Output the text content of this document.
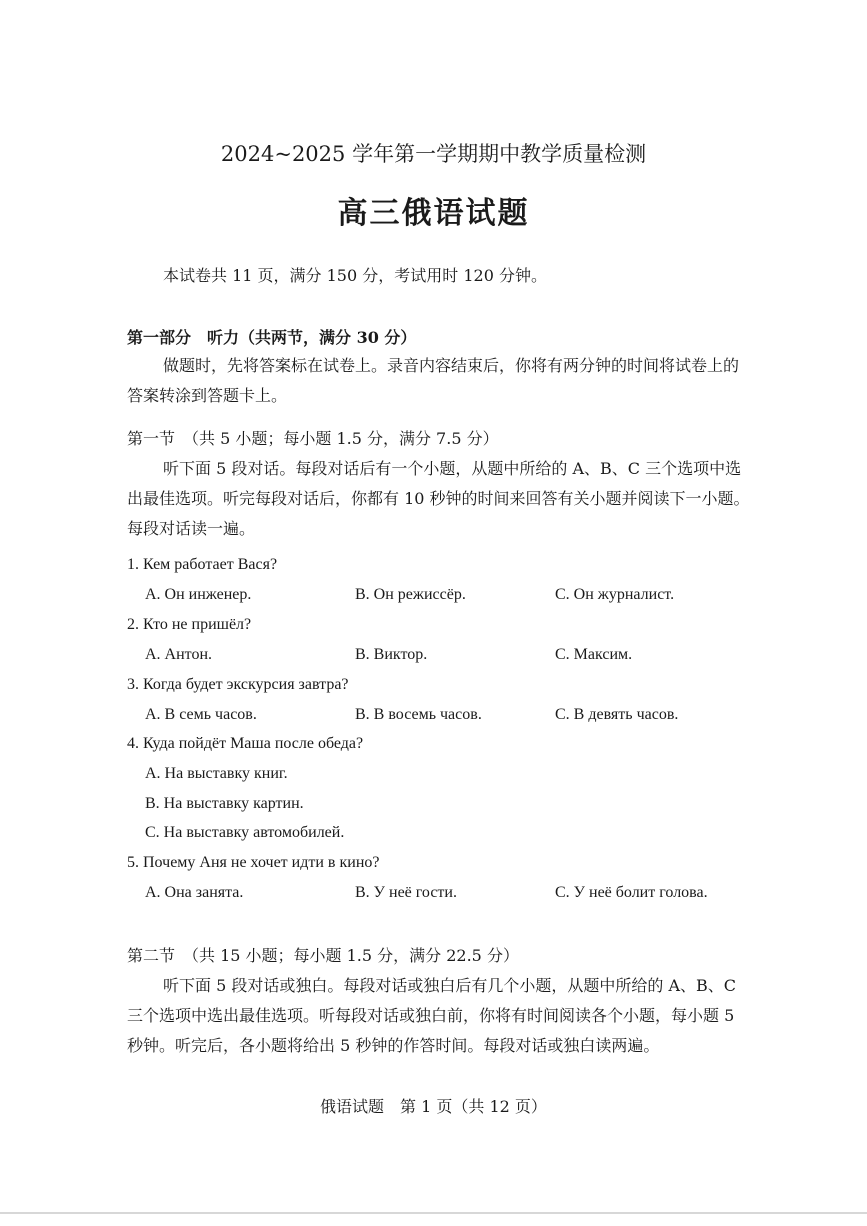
2024~2025 学年第一学期期中教学质量检测
高三俄语试题
本试卷共 11 页，满分 150 分，考试用时 120 分钟。
第一部分　听力（共两节，满分 30 分）
做题时，先将答案标在试卷上。录音内容结束后，你将有两分钟的时间将试卷上的
答案转涂到答题卡上。
第一节　（共 5 小题；每小题 1.5 分，满分 7.5 分）
听下面 5 段对话。每段对话后有一个小题，从题中所给的 A、B、C 三个选项中选
出最佳选项。听完每段对话后，你都有 10 秒钟的时间来回答有关小题并阅读下一小题。
每段对话读一遍。
1. Кем работает Вася?
A. Он инженер.	B. Он режиссёр.	C. Он журналист.
2. Кто не пришёл?
A. Антон.	B. Виктор.	C. Максим.
3. Когда будет экскурсия завтра?
A. В семь часов.	B. В восемь часов.	C. В девять часов.
4. Куда пойдёт Маша после обеда?
A. На выставку книг.
B. На выставку картин.
C. На выставку автомобилей.
5. Почему Аня не хочет идти в кино?
A. Она занята.	B. У неё гости.	C. У неё болит голова.
第二节　（共 15 小题；每小题 1.5 分，满分 22.5 分）
听下面 5 段对话或独白。每段对话或独白后有几个小题，从题中所给的 A、B、C
三个选项中选出最佳选项。听每段对话或独白前，你将有时间阅读各个小题，每小题 5
秒钟。听完后，各小题将给出 5 秒钟的作答时间。每段对话或独白读两遍。
俄语试题　第 1 页（共 12 页）
